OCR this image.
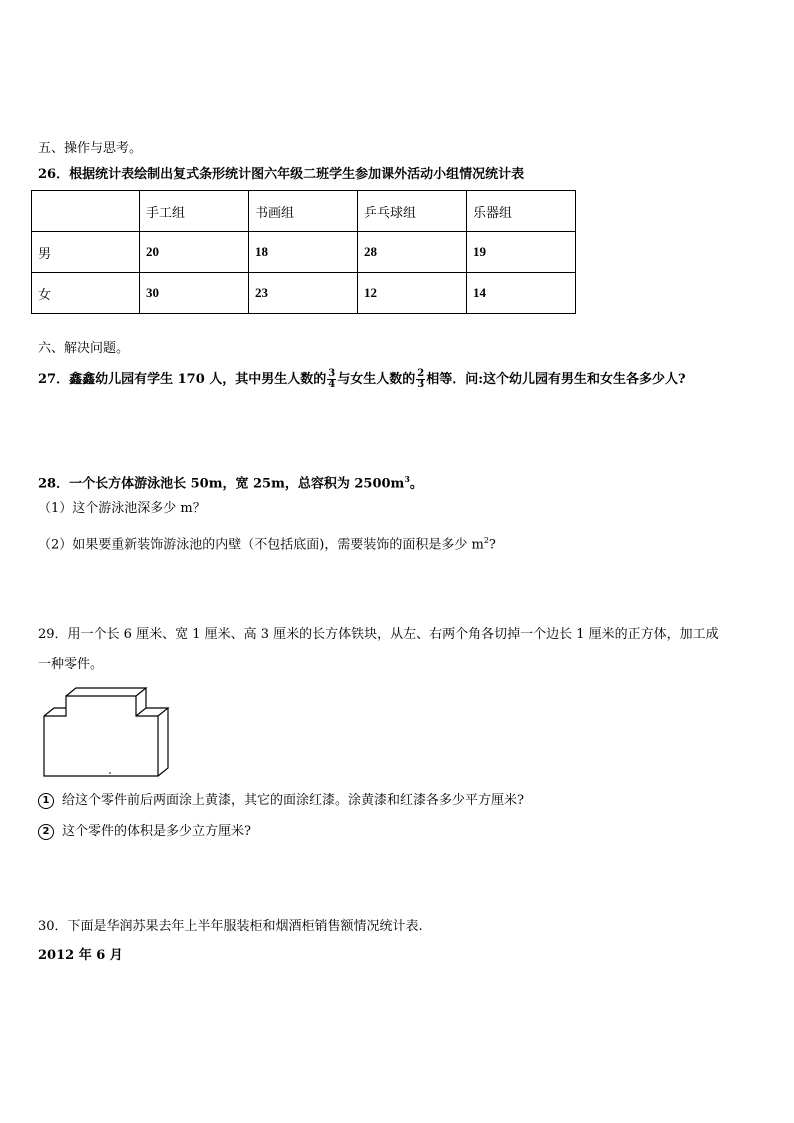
五、操作与思考。
26．根据统计表绘制出复式条形统计图六年级二班学生参加课外活动小组情况统计表
	手工组	书画组	乒乓球组	乐器组
男	20	18	28	19
女	30	23	12	14
六、解决问题。
27．鑫鑫幼儿园有学生 170 人，其中男生人数的 $\frac{3}{4}$ 与女生人数的 $\frac{2}{3}$ 相等．问:这个幼儿园有男生和女生各多少人?
28．一个长方体游泳池长 50m，宽 25m，总容积为 $2500m^3$。
（1）这个游泳池深多少 m？
（2）如果要重新装饰游泳池的内壁（不包括底面)，需要装饰的面积是多少 $m^2$?
29．用一个长 6 厘米、宽 1 厘米、高 3 厘米的长方体铁块，从左、右两个角各切掉一个边长 1 厘米的正方体，加工成
一种零件。
1 给这个零件前后两面涂上黄漆，其它的面涂红漆。涂黄漆和红漆各多少平方厘米?
2 这个零件的体积是多少立方厘米?
30．下面是华润苏果去年上半年服装柜和烟酒柜销售额情况统计表.
2012 年 6 月
